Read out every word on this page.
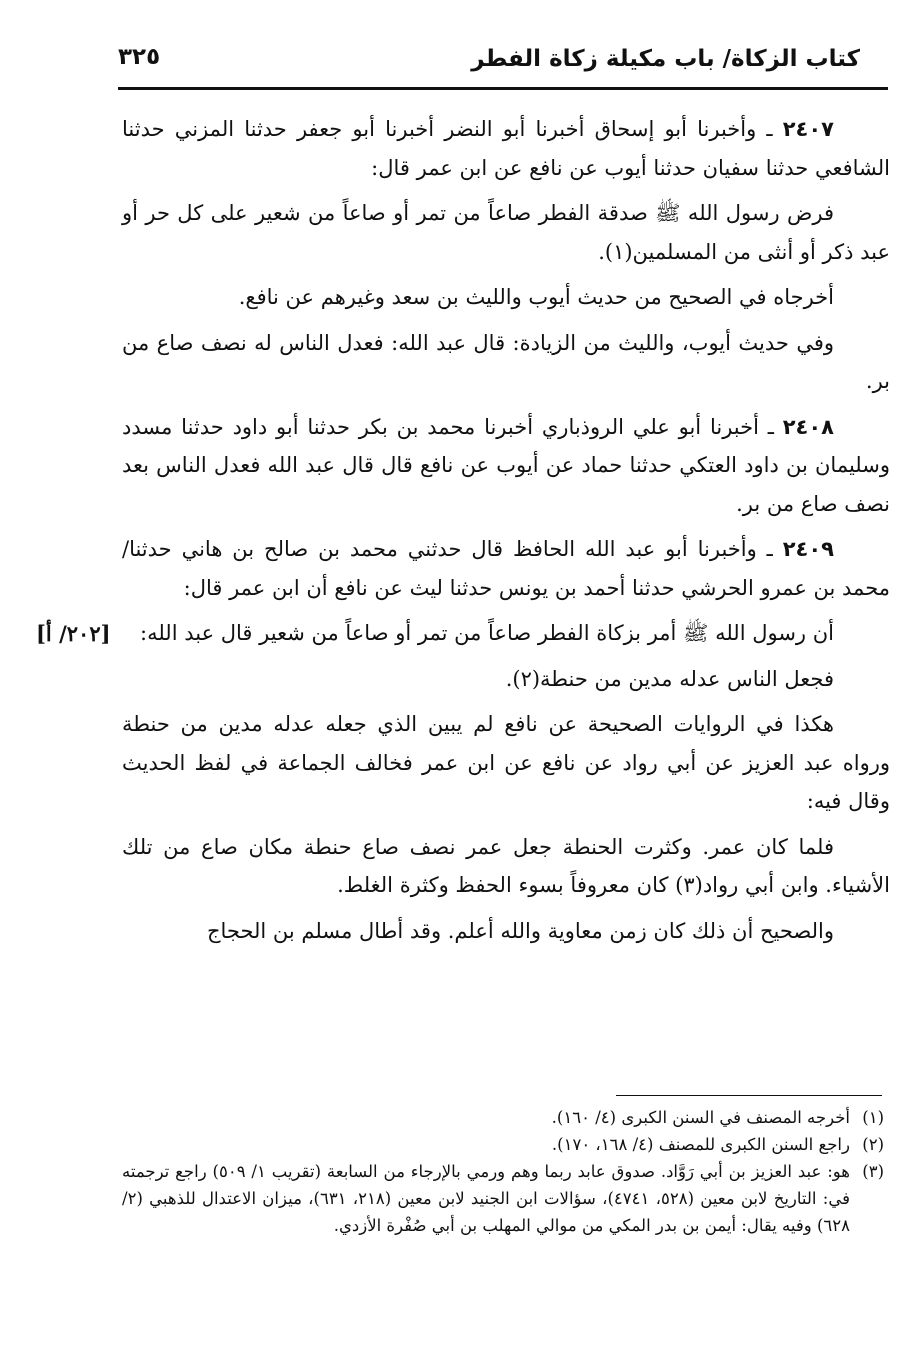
كتاب الزكاة/ باب مكيلة زكاة الفطر
٣٢٥
[٢٠٢/ أ]

٢٤٠٧ ـ وأخبرنا أبو إسحاق أخبرنا أبو النضر أخبرنا أبو جعفر حدثنا المزني حدثنا الشافعي حدثنا سفيان حدثنا أيوب عن نافع عن ابن عمر قال:

فرض رسول الله ﷺ صدقة الفطر صاعاً من تمر أو صاعاً من شعير على كل حر أو عبد ذكر أو أنثى من المسلمين(١).

أخرجاه في الصحيح من حديث أيوب والليث بن سعد وغيرهم عن نافع.

وفي حديث أيوب، والليث من الزيادة: قال عبد الله: فعدل الناس له نصف صاع من بر.

٢٤٠٨ ـ أخبرنا أبو علي الروذباري أخبرنا محمد بن بكر حدثنا أبو داود حدثنا مسدد وسليمان بن داود العتكي حدثنا حماد عن أيوب عن نافع قال قال عبد الله فعدل الناس بعد نصف صاع من بر.

٢٤٠٩ ـ وأخبرنا أبو عبد الله الحافظ قال حدثني محمد بن صالح بن هاني حدثنا/ محمد بن عمرو الحرشي حدثنا أحمد بن يونس حدثنا ليث عن نافع أن ابن عمر قال:

أن رسول الله ﷺ أمر بزكاة الفطر صاعاً من تمر أو صاعاً من شعير قال عبد الله:

فجعل الناس عدله مدين من حنطة(٢).

هكذا في الروايات الصحيحة عن نافع لم يبين الذي جعله عدله مدين من حنطة ورواه عبد العزيز عن أبي رواد عن نافع عن ابن عمر فخالف الجماعة في لفظ الحديث وقال فيه:

فلما كان عمر. وكثرت الحنطة جعل عمر نصف صاع حنطة مكان صاع من تلك الأشياء. وابن أبي رواد(٣) كان معروفاً بسوء الحفظ وكثرة الغلط.

والصحيح أن ذلك كان زمن معاوية والله أعلم. وقد أطال مسلم بن الحجاج

(١)
أخرجه المصنف في السنن الكبرى (٤/ ١٦٠).
(٢)
راجع السنن الكبرى للمصنف (٤/ ١٦٨، ١٧٠).
(٣)
هو: عبد العزيز بن أبي رَوَّاد. صدوق عابد ربما وهم ورمي بالإرجاء من السابعة (تقريب ١/ ٥٠٩) راجع ترجمته في: التاريخ لابن معين (٥٢٨، ٤٧٤١)، سؤالات ابن الجنيد لابن معين (٢١٨، ٦٣١)، ميزان الاعتدال للذهبي (٢/ ٦٢٨) وفيه يقال: أيمن بن بدر المكي من موالي المهلب بن أبي صُفْرة الأزدي.
